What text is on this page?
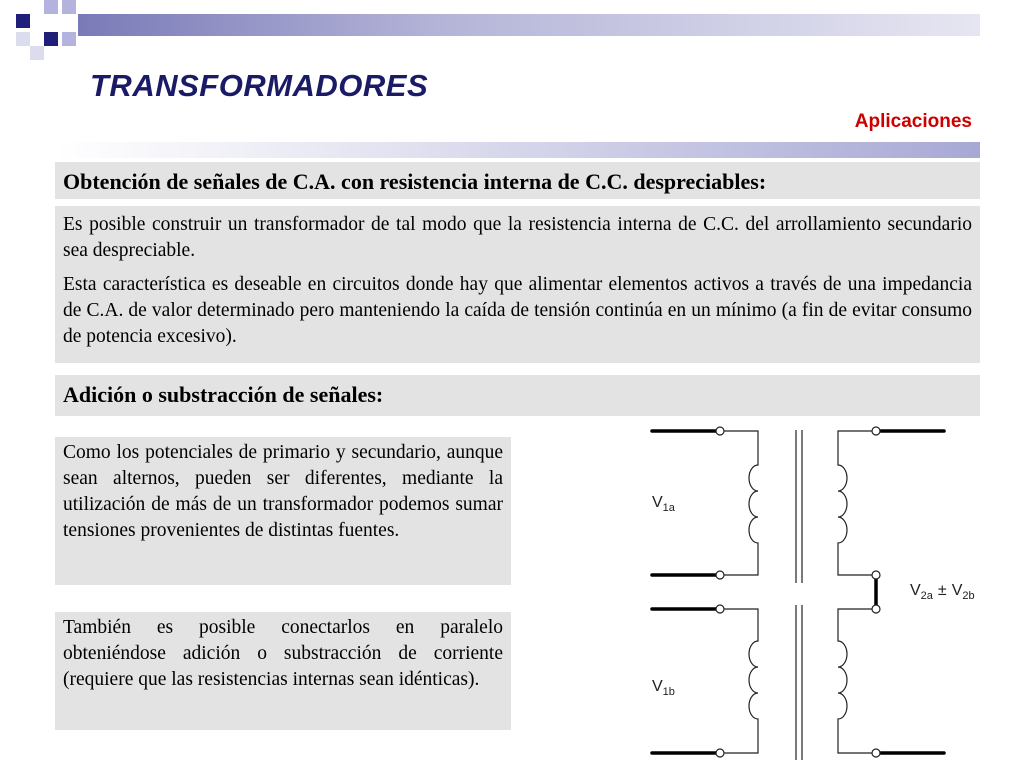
TRANSFORMADORES
Aplicaciones
Obtención de señales de C.A. con resistencia interna de C.C. despreciables:

Es posible construir un transformador de tal modo que la resistencia interna de C.C. del arrollamiento secundario sea despreciable.

Esta característica es deseable en circuitos donde hay que alimentar elementos activos a través de una impedancia de C.A. de valor determinado pero manteniendo la caída de tensión continúa en un mínimo (a fin de evitar consumo de potencia excesivo).

Adición o substracción de señales:

Como los potenciales de primario y secundario, aunque sean alternos, pueden ser diferentes, mediante la utilización de más de un transformador podemos sumar tensiones provenientes de distintas fuentes.

También es posible conectarlos en paralelo obteniéndose adición o substracción de corriente (requiere que las resistencias internas sean idénticas).

$V_{1a}$
$V_{1b}$
$V_{2a} \pm V_{2b}$
